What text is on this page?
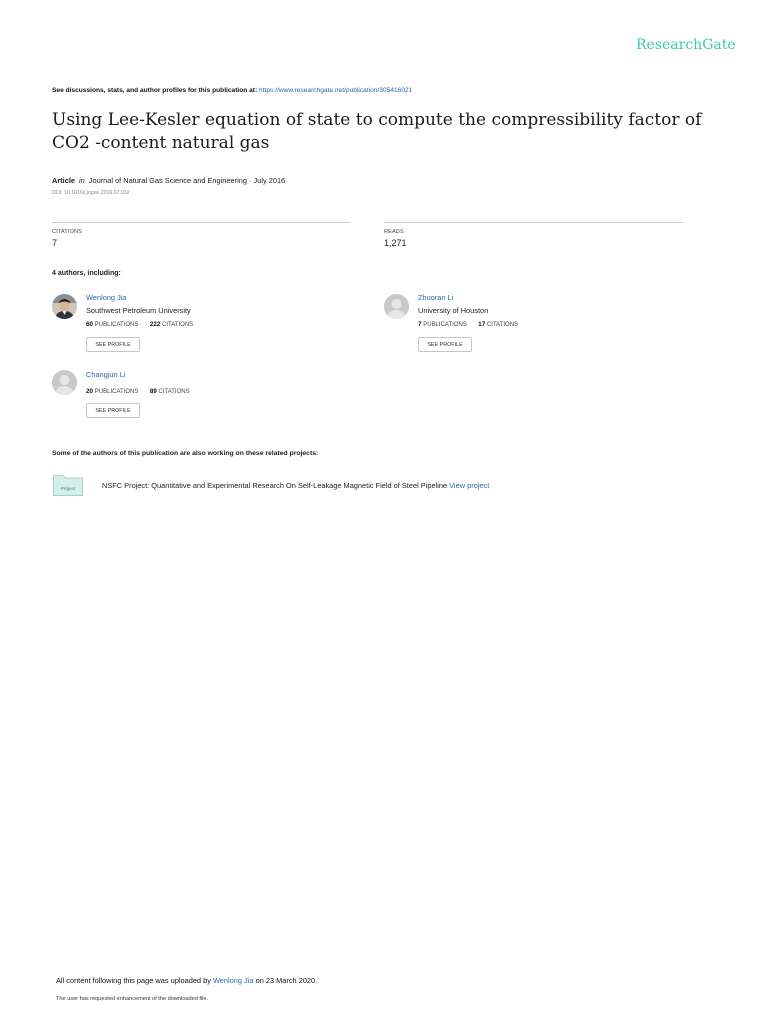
ResearchGate
See discussions, stats, and author profiles for this publication at: https://www.researchgate.net/publication/305416021
Using Lee-Kesler equation of state to compute the compressibility factor of CO2 -content natural gas
Article in Journal of Natural Gas Science and Engineering · July 2016
DOI: 10.1016/j.jngse.2016.07.032
CITATIONS
7
READS
1,271
4 authors, including:
Wenlong Jia
Southwest Petroleum University
60 PUBLICATIONS 222 CITATIONS
SEE PROFILE
Zhuoran Li
University of Houston
7 PUBLICATIONS 17 CITATIONS
SEE PROFILE
Changjun Li
20 PUBLICATIONS 89 CITATIONS
SEE PROFILE
Some of the authors of this publication are also working on these related projects:
Project	NSFC Project: Quantitative and Experimental Research On Self-Leakage Magnetic Field of Steel Pipeline View project
All content following this page was uploaded by Wenlong Jia on 23 March 2020.
The user has requested enhancement of the downloaded file.
